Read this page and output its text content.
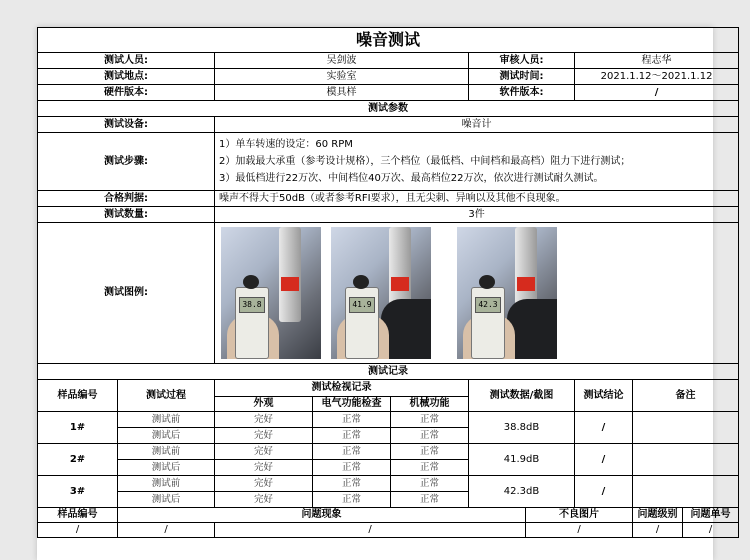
噪音测试									
测试人员:		吴剑波			审核人员:		程志华		
测试地点:		实验室			测试时间:		2021.1.12～2021.1.12		
硬件版本:		模具样			软件版本:		/		
测试参数									
测试设备:		噪音计							
测试步骤:		1）单车转速的设定：60 RPM
2）加载最大承重（参考设计规格），三个档位（最低档、中间档和最高档）阻力下进行测试；
3）最低档进行22万次、中间档位40万次、最高档位22万次，依次进行测试耐久测试。							

合格判据:		噪声不得大于50dB（或者参考RFI要求），且无尖刺、异响以及其他不良现象。							
测试数量:		3件							
测试图例:		38.8 41.9 42.3							

测试记录									
样品编号	测试过程	测试检视记录			测试数据/截图		测试结论	备注	
		外观	电气功能检查	机械功能					
1#	测试前	完好	正常	正常	38.8dB		/		
	测试后	完好	正常	正常					
2#	测试前	完好	正常	正常	41.9dB		/		
	测试后	完好	正常	正常					
3#	测试前	完好	正常	正常	42.3dB		/		
	测试后	完好	正常	正常					
样品编号	问题现象					不良图片		问题级别	问题单号
/	/	/				/		/	/
